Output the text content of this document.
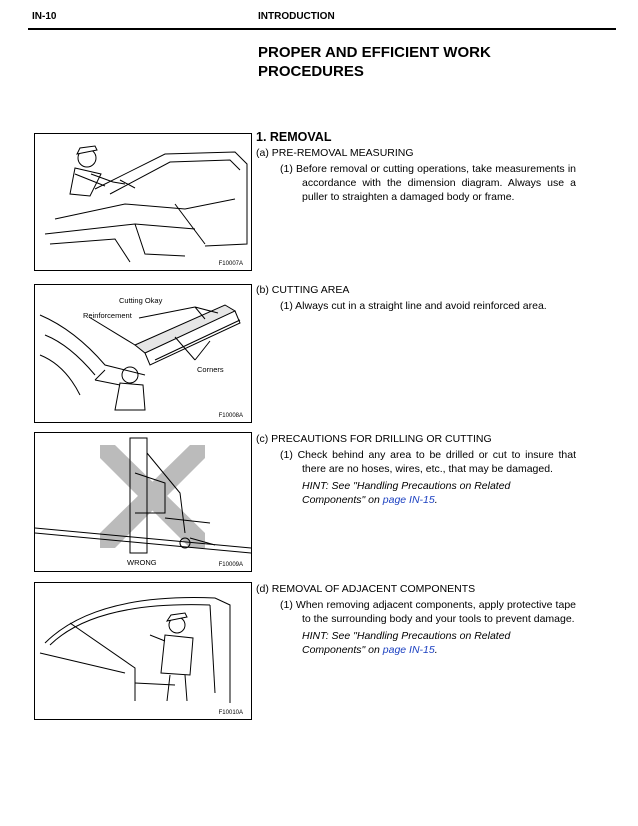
IN-10	INTRODUCTION
PROPER AND EFFICIENT WORK
PROCEDURES
F10007A
Cutting Okay
Reinforcement
Corners
F10008A
WRONG	F10009A
F10010A
1. REMOVAL
(a) PRE-REMOVAL MEASURING
(1) Before removal or cutting operations, take measurements in accordance with the dimension diagram. Always use a puller to straighten a damaged body or frame.
(b) CUTTING AREA
(1) Always cut in a straight line and avoid reinforced area.
(c) PRECAUTIONS FOR DRILLING OR CUTTING
(1) Check behind any area to be drilled or cut to insure that there are no hoses, wires, etc., that may be damaged.
HINT: See "Handling Precautions on Related Components" on page IN-15.
(d) REMOVAL OF ADJACENT COMPONENTS
(1) When removing adjacent components, apply protective tape to the surrounding body and your tools to prevent damage.
HINT: See "Handling Precautions on Related Components" on page IN-15.
